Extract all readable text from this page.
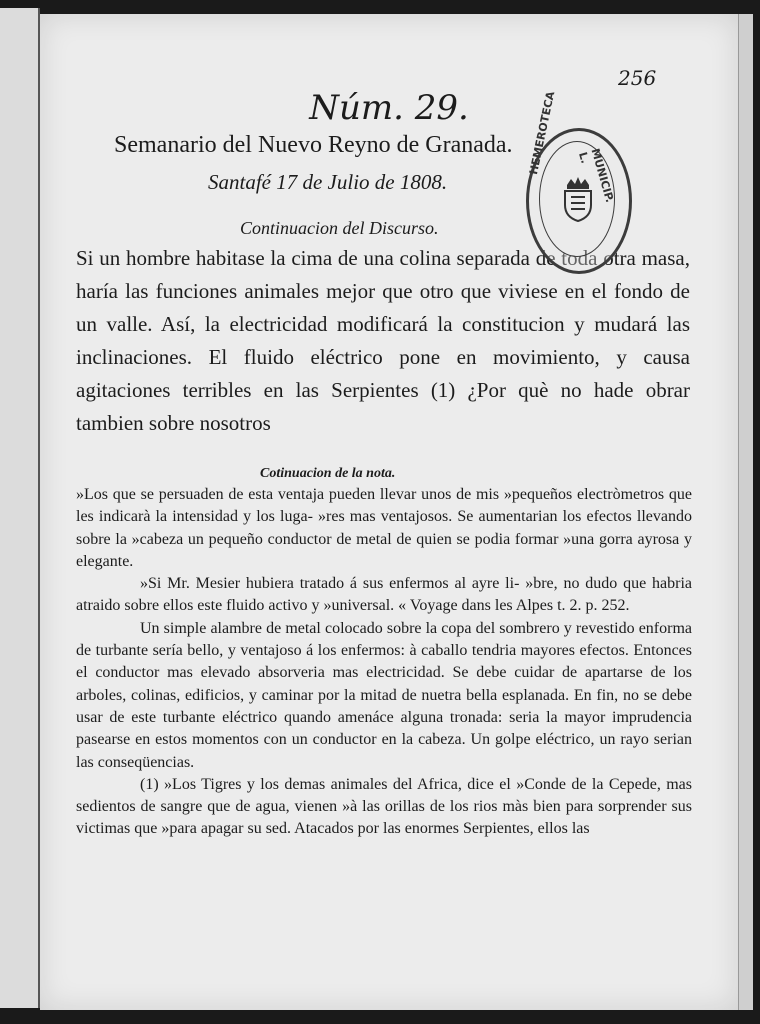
256
Núm. 29.
Semanario del Nuevo Reyno de Granada.
Santafé 17 de Julio de 1808.
Continuacion del Discurso.

Si un hombre habitase la cima de una colina separada de toda otra masa, haría las funciones animales mejor que otro que viviese en el fondo de un valle. Así, la electricidad modificará la constitucion y mudará las inclinaciones. El fluido eléctrico pone en movimiento, y causa agitaciones terribles en las Serpientes (1) ¿Por què no hade obrar tambien sobre nosotros

Cotinuacion de la nota.

»Los que se persuaden de esta ventaja pueden llevar unos de mis »pequeños electròmetros que les indicarà la intensidad y los luga- »res mas ventajosos. Se aumentarian los efectos llevando sobre la »cabeza un pequeño conductor de metal de quien se podia formar »una gorra ayrosa y elegante.

»Si Mr. Mesier hubiera tratado á sus enfermos al ayre li- »bre, no dudo que habria atraido sobre ellos este fluido activo y »universal. « Voyage dans les Alpes t. 2. p. 252.

Un simple alambre de metal colocado sobre la copa del sombrero y revestido enforma de turbante sería bello, y ventajoso á los enfermos: à caballo tendria mayores efectos. Entonces el conductor mas elevado absorveria mas electricidad. Se debe cuidar de apartarse de los arboles, colinas, edificios, y caminar por la mitad de nuetra bella esplanada. En fin, no se debe usar de este turbante eléctrico quando amenáce alguna tronada: seria la mayor imprudencia pasearse en estos momentos con un conductor en la cabeza. Un golpe eléctrico, un rayo serian las conseqüencias.

(1) »Los Tigres y los demas animales del Africa, dice el »Conde de la Cepede, mas sedientos de sangre que de agua, vienen »à las orillas de los rios màs bien para sorprender sus victimas que »para apagar su sed. Atacados por las enormes Serpientes, ellos las

HEMEROTECA	MUNICIP. L.
